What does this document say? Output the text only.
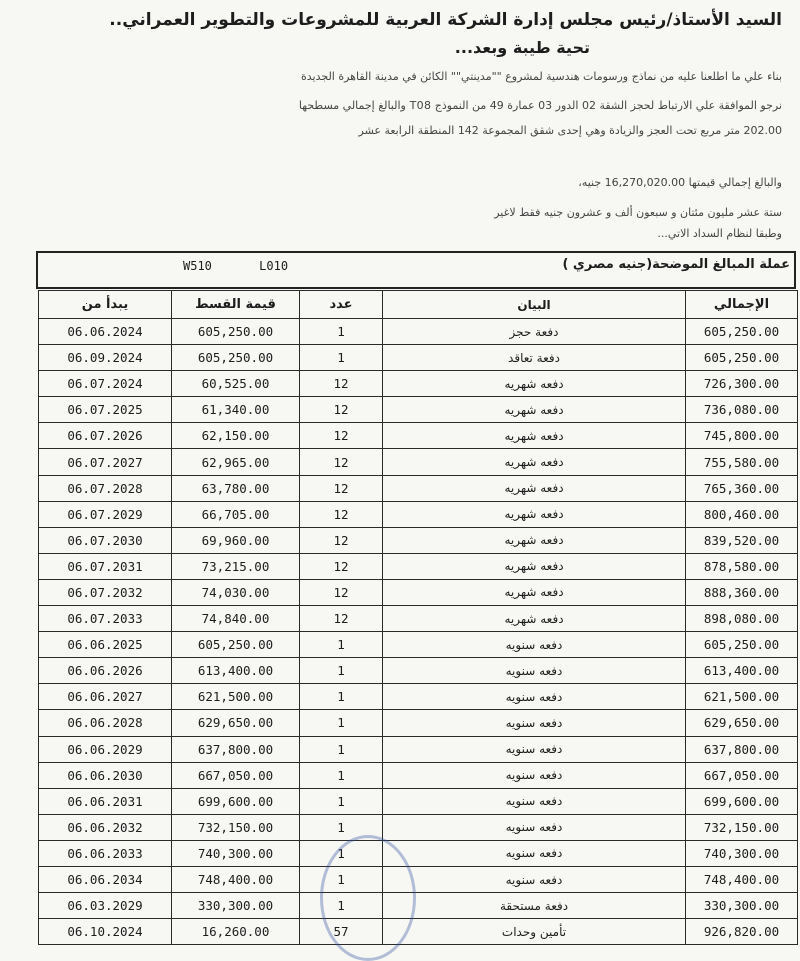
السيد الأستاذ/رئيس مجلس إدارة الشركة العربية للمشروعات والتطوير العمراني..
تحية طيبة وبعد...
بناء علي ما اطلعنا عليه من نماذج ورسومات هندسية لمشروع ""مدينتي"" الكائن في مدينة القاهرة الجديدة
نرجو الموافقة علي الارتباط لحجز الشقة 02 الدور 03 عمارة 49 من النموذج T08 والبالغ إجمالي مسطحها
202.00 متر مربع تحت العجز والزيادة وهي إحدى شقق المجموعة 142 المنطقة الرابعة عشر
والبالغ إجمالي قيمتها 16,270,020.00 جنيه،
ستة عشر مليون مئتان و سبعون ألف و عشرون جنيه فقط لاغير
وطبقا لنظام السداد الاتي...
W510	L010	عملة المبالغ الموضحة(جنيه مصري )
يبدأ من	قيمة القسط	عدد	البيان	الإجمالي
06.06.2024	605,250.00	1	دفعة حجز	605,250.00
06.09.2024	605,250.00	1	دفعة تعاقد	605,250.00
06.07.2024	60,525.00	12	دفعه شهريه	726,300.00
06.07.2025	61,340.00	12	دفعه شهريه	736,080.00
06.07.2026	62,150.00	12	دفعه شهريه	745,800.00
06.07.2027	62,965.00	12	دفعه شهريه	755,580.00
06.07.2028	63,780.00	12	دفعه شهريه	765,360.00
06.07.2029	66,705.00	12	دفعه شهريه	800,460.00
06.07.2030	69,960.00	12	دفعه شهريه	839,520.00
06.07.2031	73,215.00	12	دفعه شهريه	878,580.00
06.07.2032	74,030.00	12	دفعه شهريه	888,360.00
06.07.2033	74,840.00	12	دفعه شهريه	898,080.00
06.06.2025	605,250.00	1	دفعه سنويه	605,250.00
06.06.2026	613,400.00	1	دفعه سنويه	613,400.00
06.06.2027	621,500.00	1	دفعه سنويه	621,500.00
06.06.2028	629,650.00	1	دفعه سنويه	629,650.00
06.06.2029	637,800.00	1	دفعه سنويه	637,800.00
06.06.2030	667,050.00	1	دفعه سنويه	667,050.00
06.06.2031	699,600.00	1	دفعه سنويه	699,600.00
06.06.2032	732,150.00	1	دفعه سنويه	732,150.00
06.06.2033	740,300.00	1	دفعه سنويه	740,300.00
06.06.2034	748,400.00	1	دفعه سنويه	748,400.00
06.03.2029	330,300.00	1	دفعة مستحقة	330,300.00
06.10.2024	16,260.00	57	تأمين وحدات	926,820.00
